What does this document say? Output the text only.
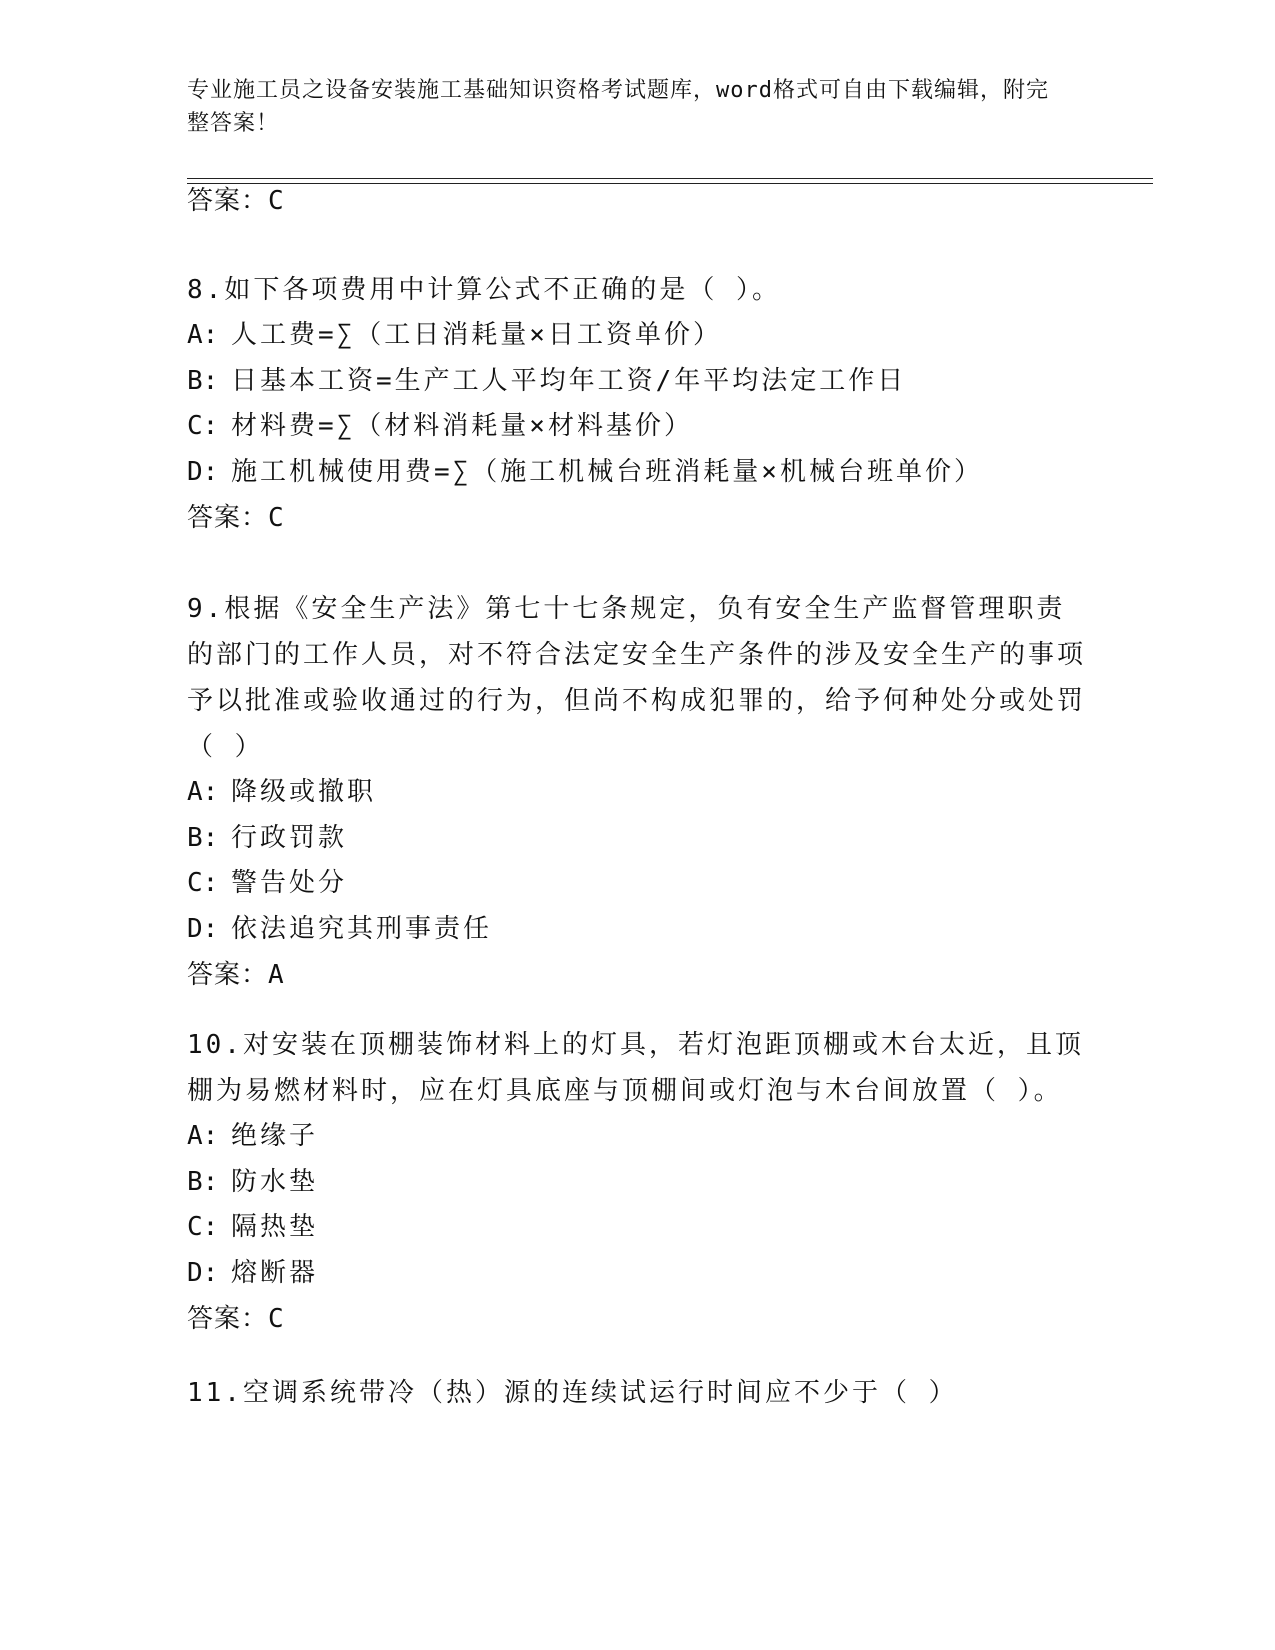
专业施工员之设备安装施工基础知识资格考试题库，word格式可自由下载编辑，附完整答案！
答案：C

8.如下各项费用中计算公式不正确的是（ ）。

A: 人工费=∑（工日消耗量×日工资单价）
B: 日基本工资=生产工人平均年工资/年平均法定工作日
C: 材料费=∑（材料消耗量×材料基价）
D: 施工机械使用费=∑（施工机械台班消耗量×机械台班单价）
答案：C

9.根据《安全生产法》第七十七条规定，负有安全生产监督管理职责的部门的工作人员，对不符合法定安全生产条件的涉及安全生产的事项予以批准或验收通过的行为，但尚不构成犯罪的，给予何种处分或处罚（ ）

A: 降级或撤职
B: 行政罚款
C: 警告处分
D: 依法追究其刑事责任
答案：A

10.对安装在顶棚装饰材料上的灯具，若灯泡距顶棚或木台太近，且顶棚为易燃材料时，应在灯具底座与顶棚间或灯泡与木台间放置（ ）。

A: 绝缘子
B: 防水垫
C: 隔热垫
D: 熔断器
答案：C

11.空调系统带冷（热）源的连续试运行时间应不少于（ ）
